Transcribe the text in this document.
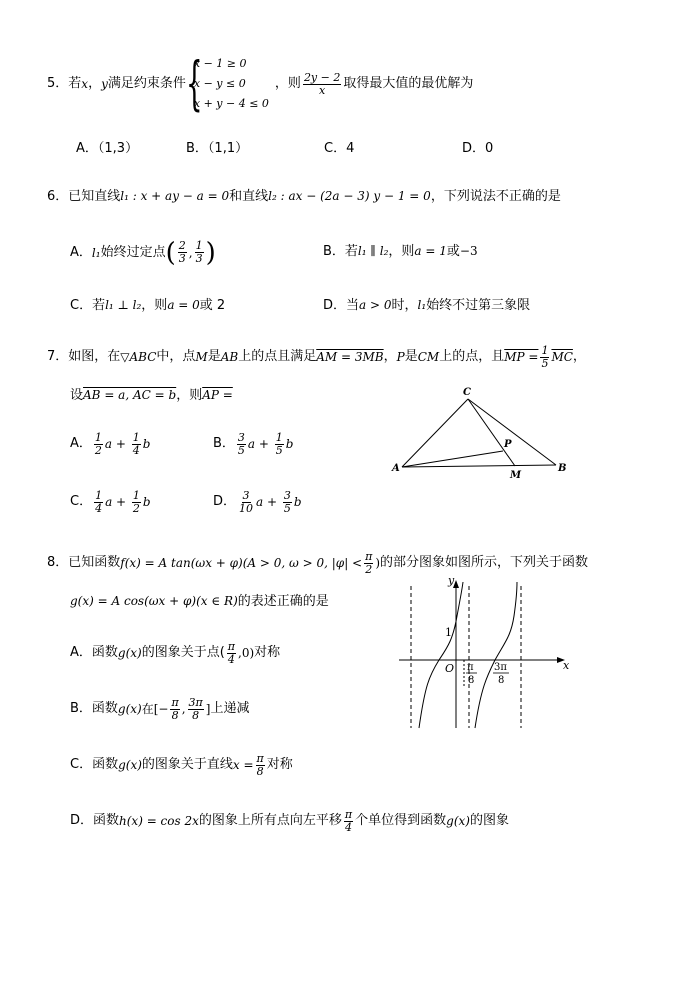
5．若 x ， y 满足约束条件 {
x − 1 ≥ 0
x − y ≤ 0
x + y − 4 ≤ 0
，则 $\frac{2y - 2}{x}$ 取得最大值的最优解为
A．（1,3）	B．（1,1）	C．4	D．0
6．已知直线l₁ : x + ay − a = 0和直线l₂ : ax − (2a − 3) y − 1 = 0，下列说法不正确的是
A． l₁ 始终过定点 ( $\frac{2}{3}$ , $\frac{1}{3}$ )	B．若l₁ ∥ l₂，则a = 1或−3
C．若l₁ ⊥ l₂，则a = 0或 2	D．当a > 0时，l₁始终不过第三象限
7．如图，在 ▽ABC 中，点 M 是 AB 上的点且满足 AM = 3MB ， P 是 CM 上的点，且 MP = $\frac{1}{5} \overline{MC}$ ，
设AB = a, AC = b，则AP =
A． $\frac{1}{2}$ $a + \frac{1}{4}$ b	B． $\frac{3}{5}$ $a + \frac{1}{5}$ b
C． $\frac{1}{4}$ $a + \frac{1}{2}$ b	D． $\frac{3}{10}$ $a + \frac{3}{5}$ b
C
A	B
M
P
8．已知函数 f(x) = A tan(ωx + φ)(A > 0, ω > 0, $|\varphi| < \frac{\pi}{2}$ ) 的部分图象如图所示，下列关于函数
g(x) = A cos(ωx + φ)(x ∈ R)的表述正确的是
A．函数 g(x) 的图象关于点( $\frac{\pi}{4} ,0$) 对称
B．函数 g(x) 在[− $\frac{\pi}{8}$ , $\frac{3\pi}{8}$ ] 上递减
C．函数 g(x) 的图象关于直线 $x = \frac{\pi}{8}$ 对称
D．函数 h(x) = cos 2x 的图象上所有点向左平移 $\frac{\pi}{4}$ 个单位得到函数 g(x) 的图象
y
x
1
O π
8
3π
8
